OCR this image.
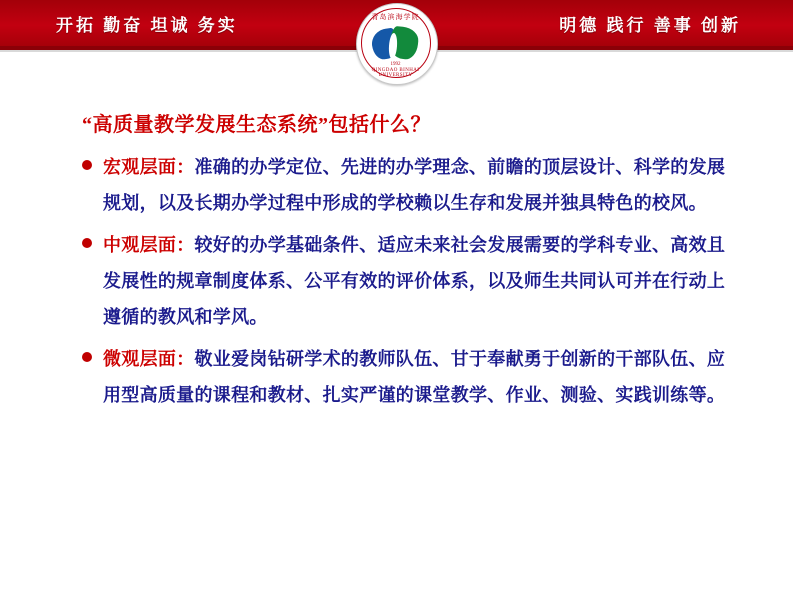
开拓 勤奋 坦诚 务实	明德 践行 善事 创新
青岛滨海学院
1992
QINGDAO BINHAI UNIVERSITY
“高质量教学发展生态系统”包括什么？
宏观层面：准确的办学定位、先进的办学理念、前瞻的顶层设计、科学的发展规划，以及长期办学过程中形成的学校赖以生存和发展并独具特色的校风。
中观层面：较好的办学基础条件、适应未来社会发展需要的学科专业、高效且发展性的规章制度体系、公平有效的评价体系，以及师生共同认可并在行动上遵循的教风和学风。
微观层面：敬业爱岗钻研学术的教师队伍、甘于奉献勇于创新的干部队伍、应用型高质量的课程和教材、扎实严谨的课堂教学、作业、测验、实践训练等。
